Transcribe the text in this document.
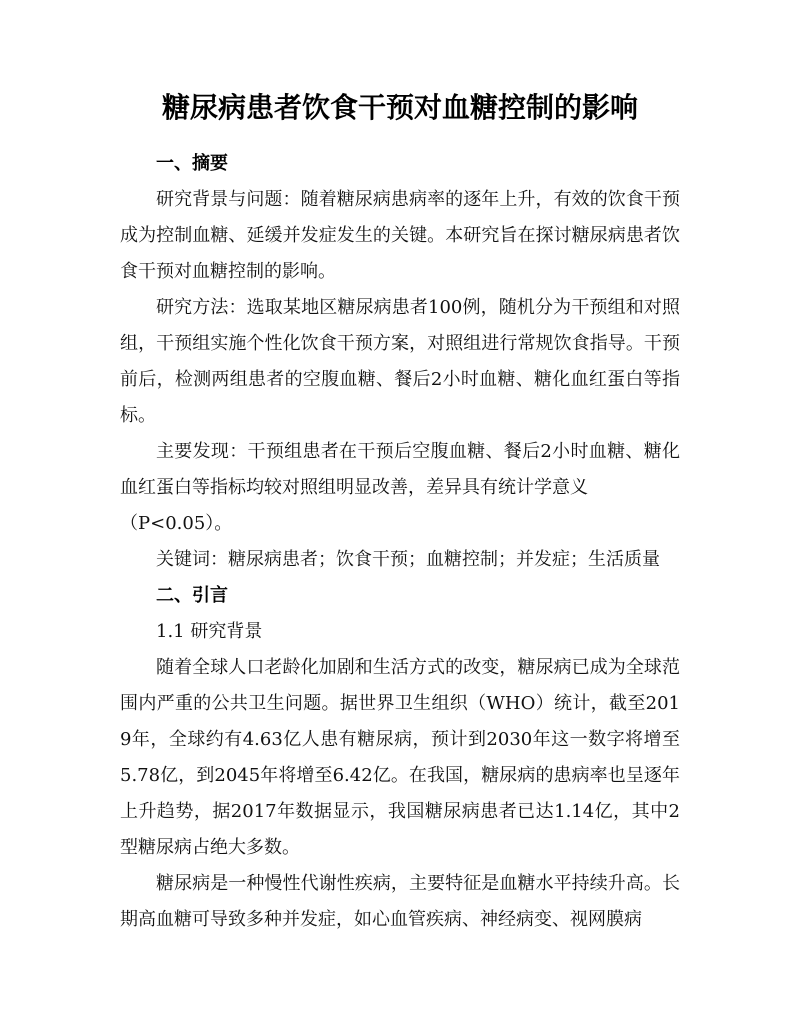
糖尿病患者饮食干预对血糖控制的影响

一、摘要

研究背景与问题：随着糖尿病患病率的逐年上升，有效的饮食干预成为控制血糖、延缓并发症发生的关键。本研究旨在探讨糖尿病患者饮食干预对血糖控制的影响。

研究方法：选取某地区糖尿病患者100例，随机分为干预组和对照组，干预组实施个性化饮食干预方案，对照组进行常规饮食指导。干预前后，检测两组患者的空腹血糖、餐后2小时血糖、糖化血红蛋白等指标。

主要发现：干预组患者在干预后空腹血糖、餐后2小时血糖、糖化血红蛋白等指标均较对照组明显改善，差异具有统计学意义

（P<0.05）。

关键词：糖尿病患者；饮食干预；血糖控制；并发症；生活质量

二、引言

1.1 研究背景

随着全球人口老龄化加剧和生活方式的改变，糖尿病已成为全球范围内严重的公共卫生问题。据世界卫生组织（WHO）统计，截至2019年，全球约有4.63亿人患有糖尿病，预计到2030年这一数字将增至5.78亿，到2045年将增至6.42亿。在我国，糖尿病的患病率也呈逐年上升趋势，据2017年数据显示，我国糖尿病患者已达1.14亿，其中2型糖尿病占绝大多数。

糖尿病是一种慢性代谢性疾病，主要特征是血糖水平持续升高。长期高血糖可导致多种并发症，如心血管疾病、神经病变、视网膜病
